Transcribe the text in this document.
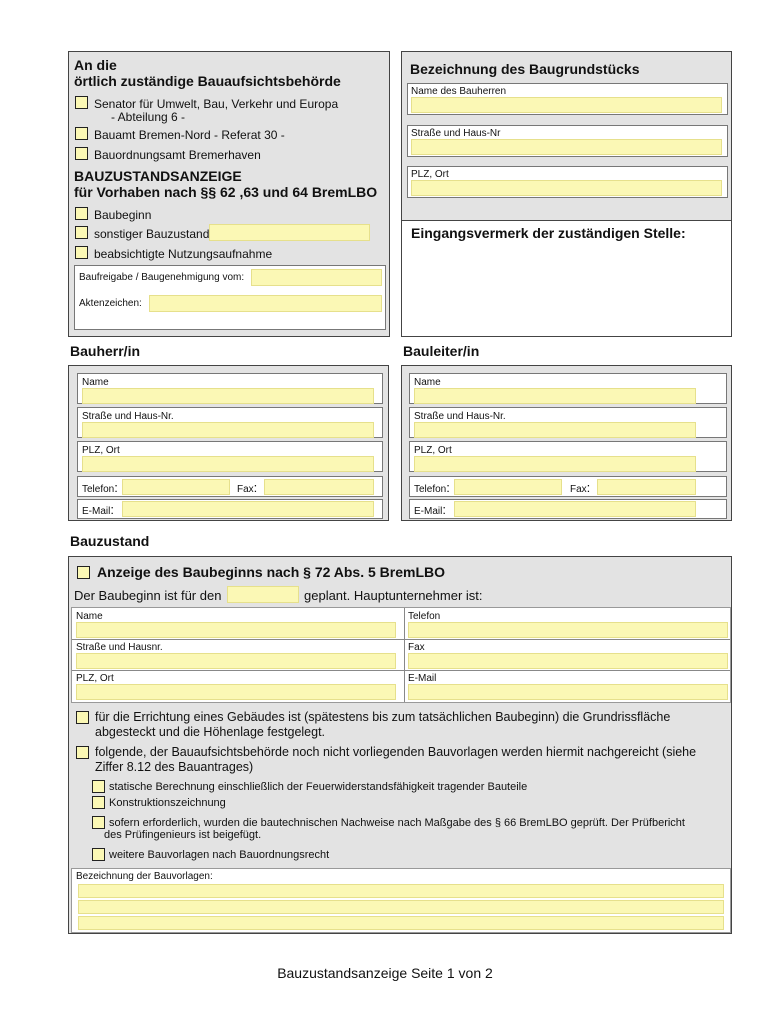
An die
örtlich zuständige Bauaufsichtsbehörde
Senator für Umwelt, Bau, Verkehr und Europa
- Abteilung 6 -
Bauamt Bremen-Nord - Referat 30 -
Bauordnungsamt Bremerhaven
BAUZUSTANDSANZEIGE
für Vorhaben nach §§ 62 ,63 und 64 BremLBO
Baubeginn
sonstiger Bauzustand
beabsichtigte Nutzungsaufnahme
Baufreigabe / Baugenehmigung vom:
Aktenzeichen:
Bezeichnung des Baugrundstücks
Name des Bauherren
Straße und Haus-Nr
PLZ, Ort
Eingangsvermerk der zuständigen Stelle:
Bauherr/in	Bauleiter/in
Name
Straße und Haus-Nr.
PLZ, Ort
Telefon:	Fax:
E-Mail:
Name
Straße und Haus-Nr.
PLZ, Ort
Telefon:	Fax:
E-Mail:
Bauzustand
Anzeige des Baubeginns nach § 72 Abs. 5 BremLBO
Der Baubeginn ist für den	geplant. Hauptunternehmer ist:
Name	Telefon
Straße und Hausnr.	Fax
PLZ, Ort	E-Mail
für die Errichtung eines Gebäudes ist (spätestens bis zum tatsächlichen Baubeginn) die Grundrissfläche
abgesteckt und die Höhenlage festgelegt.
folgende, der Bauaufsichtsbehörde noch nicht vorliegenden Bauvorlagen werden hiermit nachgereicht (siehe
Ziffer 8.12 des Bauantrages)
statische Berechnung einschließlich der Feuerwiderstandsfähigkeit tragender Bauteile
Konstruktionszeichnung
sofern erforderlich, wurden die bautechnischen Nachweise nach Maßgabe des § 66 BremLBO geprüft. Der Prüfbericht
des Prüfingenieurs ist beigefügt.
weitere Bauvorlagen nach Bauordnungsrecht
Bezeichnung der Bauvorlagen:
Bauzustandsanzeige Seite 1 von 2
